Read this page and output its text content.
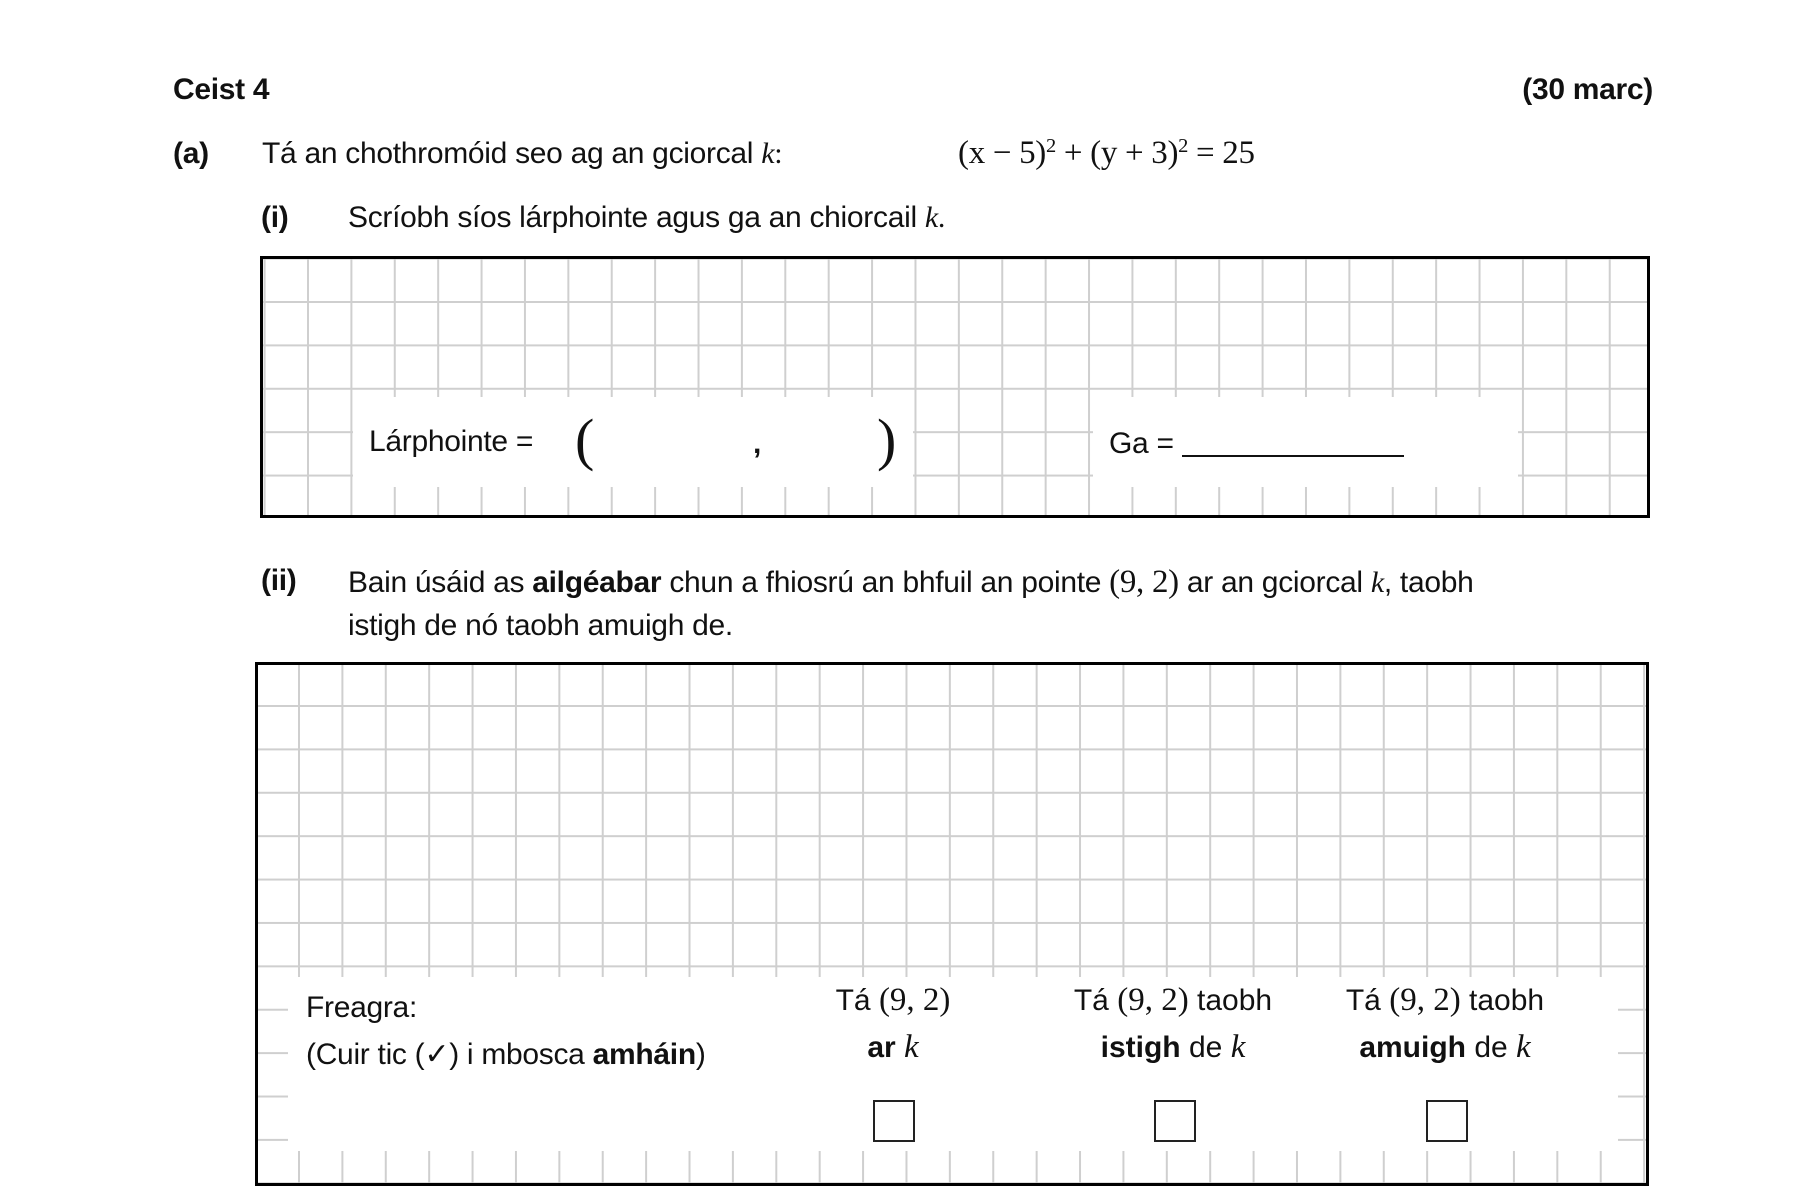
Ceist 4	(30 marc)
(a) Tá an chothromóid seo ag an gciorcal k:	$(x - 5)^2 + (y + 3)^2 = 25$
(i) Scríobh síos lárphointe agus ga an chiorcail k.
Lárphointe = (	, )	Ga =
(ii) Bain úsáid as ailgéabar chun a fhiosrú an bhfuil an pointe (9, 2) ar an gciorcal k, taobh
istigh de nó taobh amuigh de.
Freagra:
(Cuir tic (✓) i mbosca amháin)
Tá (9, 2)
ar k
Tá (9, 2) taobh
istigh de k
Tá (9, 2) taobh
amuigh de k
